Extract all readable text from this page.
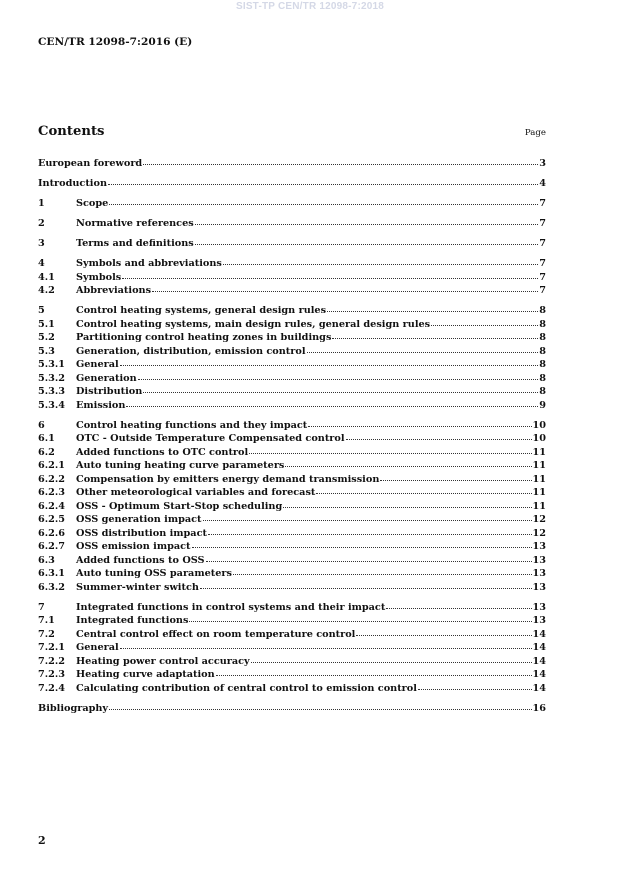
SIST-TP CEN/TR 12098-7:2018
CEN/TR 12098-7:2016 (E)
Contents	Page
European foreword	3
Introduction	4
1	Scope	7
2	Normative references	7
3	Terms and definitions	7
4	Symbols and abbreviations	7
4.1	Symbols	7
4.2	Abbreviations	7
5	Control heating systems, general design rules	8
5.1	Control heating systems, main design rules, general design rules	8
5.2	Partitioning control heating zones in buildings	8
5.3	Generation, distribution, emission control	8
5.3.1	General	8
5.3.2	Generation	8
5.3.3	Distribution	8
5.3.4	Emission	9
6	Control heating functions and they impact	10
6.1	OTC - Outside Temperature Compensated control	10
6.2	Added functions to OTC control	11
6.2.1	Auto tuning heating curve parameters	11
6.2.2	Compensation by emitters energy demand transmission	11
6.2.3	Other meteorological variables and forecast	11
6.2.4	OSS - Optimum Start-Stop scheduling	11
6.2.5	OSS generation impact	12
6.2.6	OSS distribution impact	12
6.2.7	OSS emission impact	13
6.3	Added functions to OSS	13
6.3.1	Auto tuning OSS parameters	13
6.3.2	Summer-winter switch	13
7	Integrated functions in control systems and their impact	13
7.1	Integrated functions	13
7.2	Central control effect on room temperature control	14
7.2.1	General	14
7.2.2	Heating power control accuracy	14
7.2.3	Heating curve adaptation	14
7.2.4	Calculating contribution of central control to emission control	14
Bibliography	16
2
